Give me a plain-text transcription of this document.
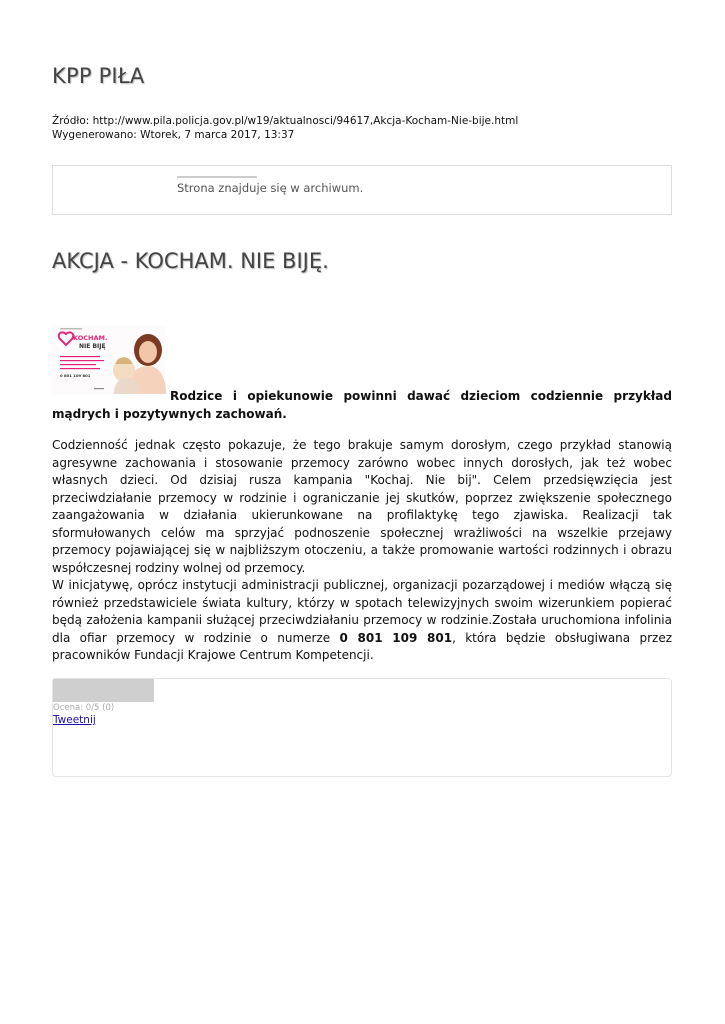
KPP PIŁA
Źródło: http://www.pila.policja.gov.pl/w19/aktualnosci/94617,Akcja-Kocham-Nie-bije.html
Wygenerowano: Wtorek, 7 marca 2017, 13:37
Strona znajduje się w archiwum.
AKCJA - KOCHAM. NIE BIJĘ.
KOCHAM.
NIE BIJĘ
0 801 109 801

Rodzice i opiekunowie powinni dawać dzieciom codziennie przykład mądrych i pozytywnych zachowań.

Codzienność jednak często pokazuje, że tego brakuje samym dorosłym, czego przykład stanowią agresywne zachowania i stosowanie przemocy zarówno wobec innych dorosłych, jak też wobec własnych dzieci. Od dzisiaj rusza kampania "Kochaj. Nie bij". Celem przedsięwzięcia jest przeciwdziałanie przemocy w rodzinie i ograniczanie jej skutków, poprzez zwiększenie społecznego zaangażowania w działania ukierunkowane na profilaktykę tego zjawiska. Realizacji tak sformułowanych celów ma sprzyjać podnoszenie społecznej wrażliwości na wszelkie przejawy przemocy pojawiającej się w najbliższym otoczeniu, a także promowanie wartości rodzinnych i obrazu współczesnej rodziny wolnej od przemocy.

W inicjatywę, oprócz instytucji administracji publicznej, organizacji pozarządowej i mediów włączą się również przedstawiciele świata kultury, którzy w spotach telewizyjnych swoim wizerunkiem popierać będą założenia kampanii służącej przeciwdziałaniu przemocy w rodzinie.Została uruchomiona infolinia dla ofiar przemocy w rodzinie o numerze 0 801 109 801, która będzie obsługiwana przez pracowników Fundacji Krajowe Centrum Kompetencji.

Ocena: 0/5 (0)
Tweetnij
